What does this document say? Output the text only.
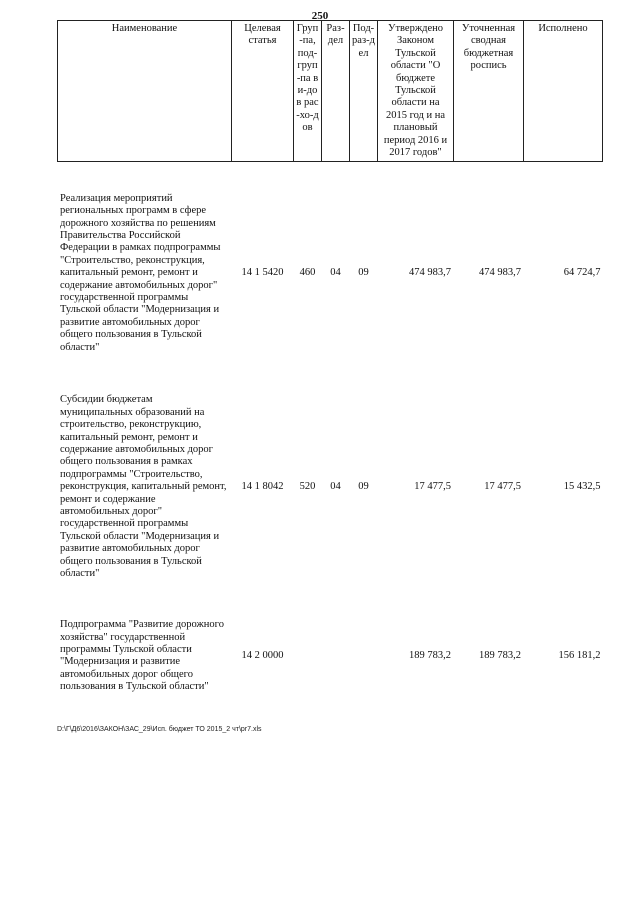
250
Наименование	Целевая статья	Груп-па, под-груп-па ви-дов рас-хо-дов	Раз-дел	Под-раз-дел	Утверждено Законом Тульской области "О бюджете Тульской области на 2015 год и на плановый период 2016 и 2017 годов"	Уточненная сводная бюджетная роспись	Исполнено
Реализация мероприятий региональных программ в сфере дорожного хозяйства по решениям Правительства Российской Федерации в рамках подпрограммы "Строительство, реконструкция, капитальный ремонт, ремонт и содержание автомобильных дорог" государственной программы Тульской области "Модернизация и развитие автомобильных дорог общего пользования в Тульской области"	14 1 5420	460	04	09	474 983,7	474 983,7	64 724,7
Субсидии бюджетам муниципальных образований на строительство, реконструкцию, капитальный ремонт, ремонт и содержание автомобильных дорог общего пользования в рамках подпрограммы "Строительство, реконструкция, капитальный ремонт, ремонт и содержание автомобильных дорог" государственной программы Тульской области "Модернизация и развитие автомобильных дорог общего пользования в Тульской области"	14 1 8042	520	04	09	17 477,5	17 477,5	15 432,5
Подпрограмма "Развитие дорожного хозяйства" государственной программы Тульской области "Модернизация и развитие автомобильных дорог общего пользования в Тульской области"	14 2 0000				189 783,2	189 783,2	156 181,2
D:\Г\Д6\2016\ЗАКОН\ЗАС_29\Исп. бюджет ТО 2015_2 чт\pr7.xls
